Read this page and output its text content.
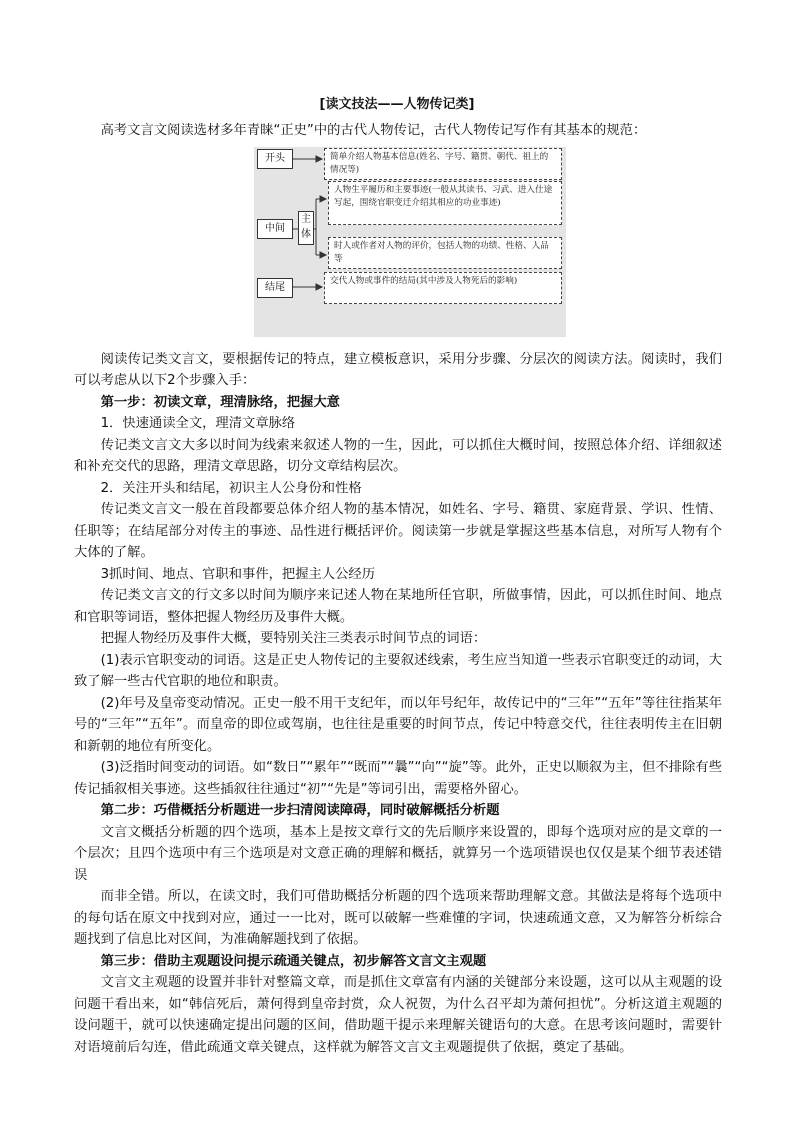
[读文技法——人物传记类]

高考文言文阅读选材多年青睐“正史”中的古代人物传记，古代人物传记写作有其基本的规范：

开头	简单介绍人物基本信息(姓名、字号、籍贯、朝代、祖上的情况等)
中间
主体
人物生平履历和主要事迹(一般从其读书、习武、进入仕途写起，围绕官职变迁介绍其相应的功业事迹)
时人或作者对人物的评价，包括人物的功绩、性格、人品等
结尾
交代人物或事件的结局(其中涉及人物死后的影响)

阅读传记类文言文，要根据传记的特点，建立模板意识，采用分步骤、分层次的阅读方法。阅读时，我们可以考虑从以下2个步骤入手：

第一步：初读文章，理清脉络，把握大意

1．快速通读全文，理清文章脉络

传记类文言文大多以时间为线索来叙述人物的一生，因此，可以抓住大概时间，按照总体介绍、详细叙述和补充交代的思路，理清文章思路，切分文章结构层次。

2．关注开头和结尾，初识主人公身份和性格

传记类文言文一般在首段都要总体介绍人物的基本情况，如姓名、字号、籍贯、家庭背景、学识、性情、任职等；在结尾部分对传主的事迹、品性进行概括评价。阅读第一步就是掌握这些基本信息，对所写人物有个大体的了解。

3抓时间、地点、官职和事件，把握主人公经历

传记类文言文的行文多以时间为顺序来记述人物在某地所任官职，所做事情，因此，可以抓住时间、地点和官职等词语，整体把握人物经历及事件大概。

把握人物经历及事件大概，要特别关注三类表示时间节点的词语：

(1)表示官职变动的词语。这是正史人物传记的主要叙述线索，考生应当知道一些表示官职变迁的动词，大致了解一些古代官职的地位和职责。

(2)年号及皇帝变动情况。正史一般不用干支纪年，而以年号纪年，故传记中的“三年”“五年”等往往指某年号的“三年”“五年”。而皇帝的即位或驾崩，也往往是重要的时间节点，传记中特意交代，往往表明传主在旧朝和新朝的地位有所变化。

(3)泛指时间变动的词语。如“数日”“累年”“既而”“曩”“向”“旋”等。此外，正史以顺叙为主，但不排除有些传记插叙相关事迹。这些插叙往往通过“初”“先是”等词引出，需要格外留心。

第二步：巧借概括分析题进一步扫清阅读障碍，同时破解概括分析题

文言文概括分析题的四个选项，基本上是按文章行文的先后顺序来设置的，即每个选项对应的是文章的一个层次；且四个选项中有三个选项是对文意正确的理解和概括，就算另一个选项错误也仅仅是某个细节表述错误

而非全错。所以，在读文时，我们可借助概括分析题的四个选项来帮助理解文意。其做法是将每个选项中的每句话在原文中找到对应，通过一一比对，既可以破解一些难懂的字词，快速疏通文意，又为解答分析综合题找到了信息比对区间，为准确解题找到了依据。

第三步：借助主观题设问提示疏通关键点，初步解答文言文主观题

文言文主观题的设置并非针对整篇文章，而是抓住文章富有内涵的关键部分来设题，这可以从主观题的设问题干看出来，如“韩信死后，萧何得到皇帝封赏，众人祝贺，为什么召平却为萧何担忧”。分析这道主观题的设问题干，就可以快速确定提出问题的区间，借助题干提示来理解关键语句的大意。在思考该问题时，需要针对语境前后勾连，借此疏通文章关键点，这样就为解答文言文主观题提供了依据，奠定了基础。
